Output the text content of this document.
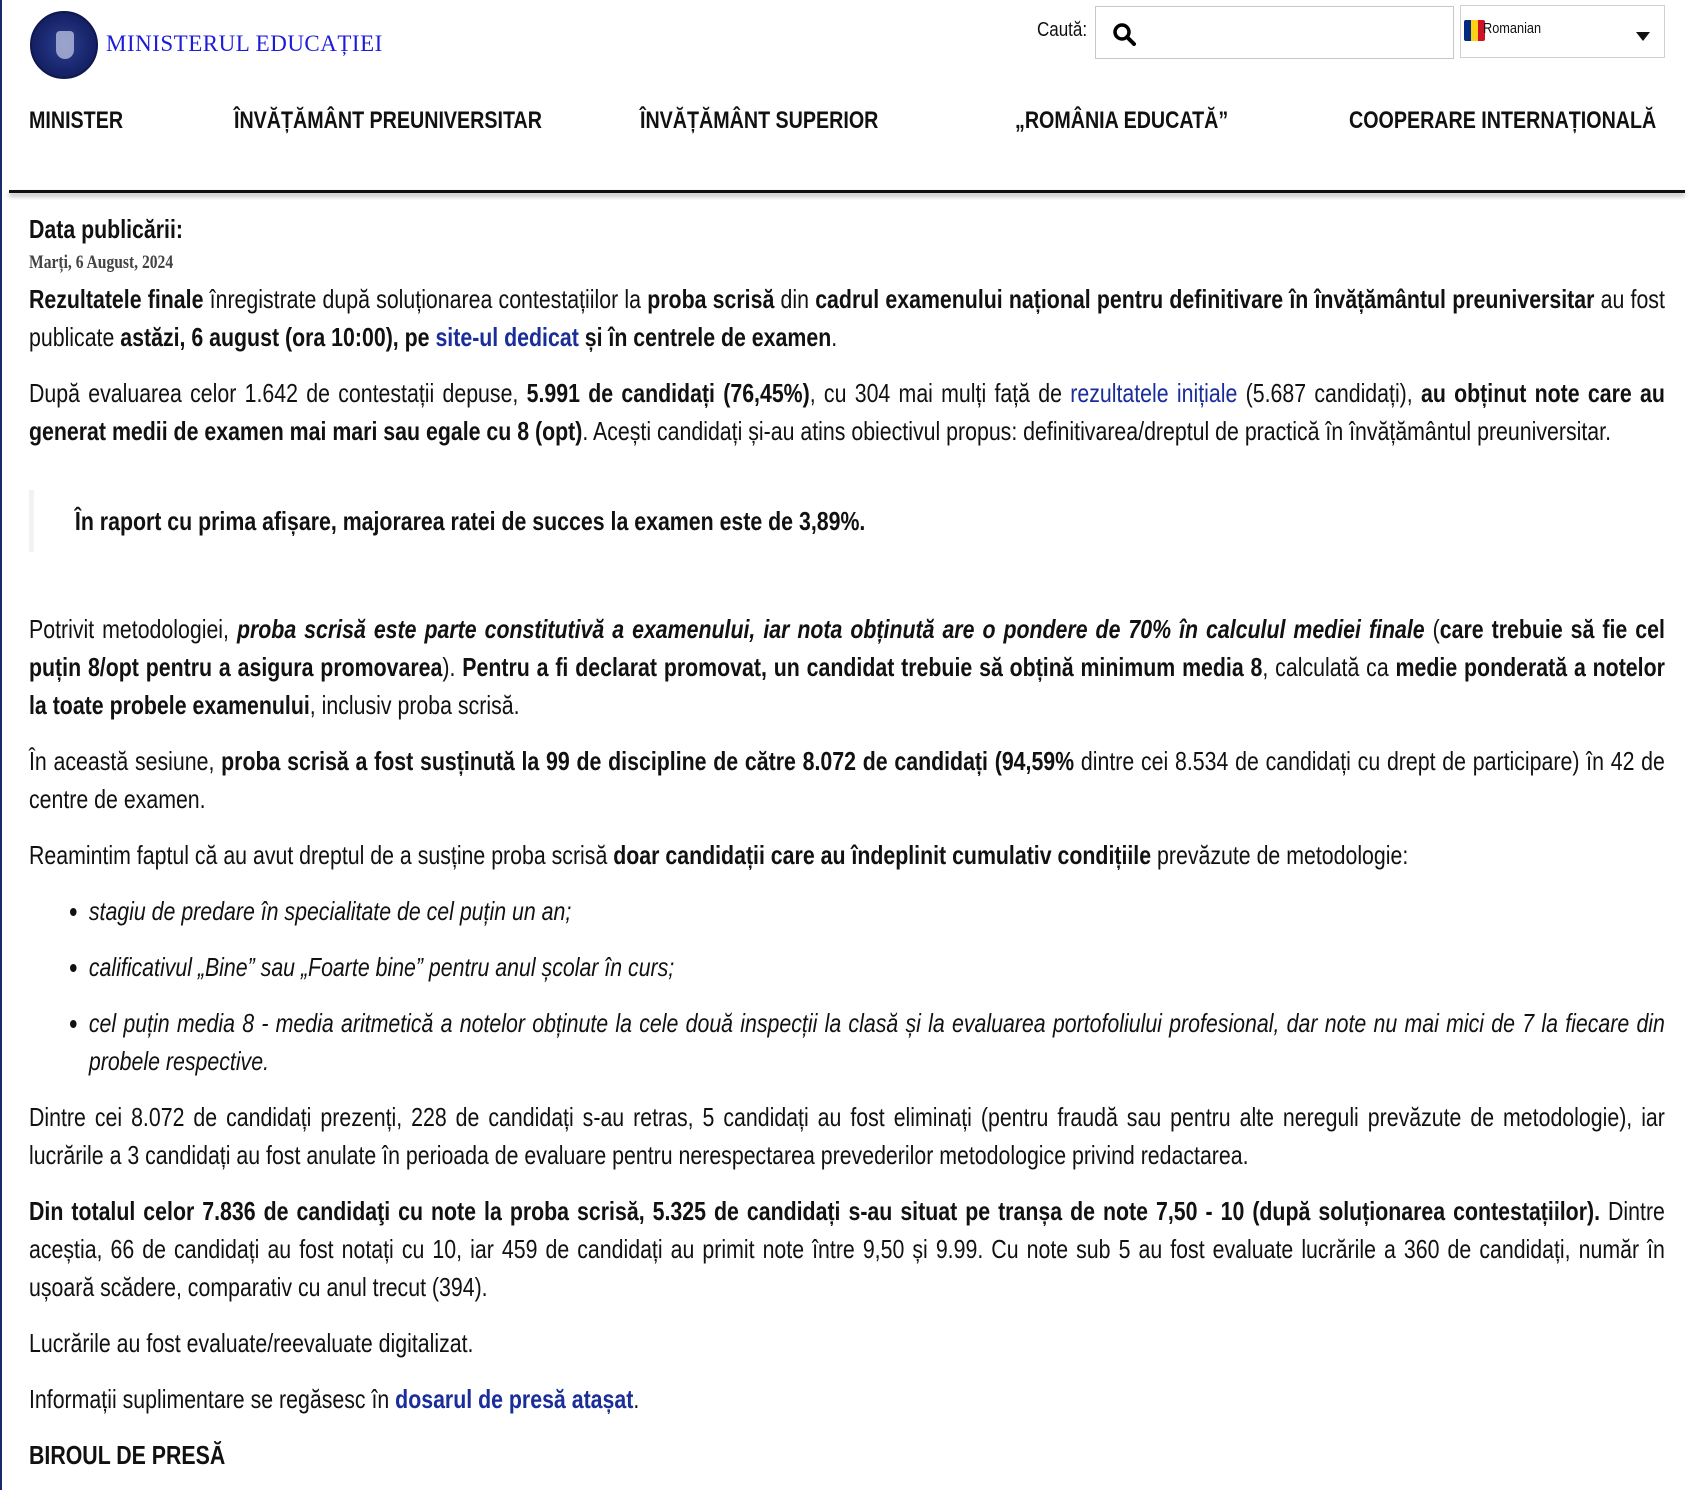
MINISTERUL EDUCAȚIEI
Caută:	Romanian
MINISTER	ÎNVĂȚĂMÂNT PREUNIVERSITAR	ÎNVĂȚĂMÂNT SUPERIOR	„ROMÂNIA EDUCATĂ”	COOPERARE INTERNAȚIONALĂ

Data publicării:

Marți, 6 August, 2024

Rezultatele finale înregistrate după soluționarea contestațiilor la proba scrisă din cadrul examenului național pentru definitivare în învățământul preuniversitar au fost publicate astăzi, 6 august (ora 10:00), pe site-ul dedicat și în centrele de examen.

După evaluarea celor 1.642 de contestații depuse, 5.991 de candidați (76,45%), cu 304 mai mulți față de rezultatele inițiale (5.687 candidați), au obținut note care au generat medii de examen mai mari sau egale cu 8 (opt). Acești candidați și-au atins obiectivul propus: definitivarea/dreptul de practică în învățământul preuniversitar.

În raport cu prima afișare, majorarea ratei de succes la examen este de 3,89%.

Potrivit metodologiei, proba scrisă este parte constitutivă a examenului, iar nota obținută are o pondere de 70% în calculul mediei finale (care trebuie să fie cel puțin 8/opt pentru a asigura promovarea). Pentru a fi declarat promovat, un candidat trebuie să obțină minimum media 8, calculată ca medie ponderată a notelor la toate probele examenului, inclusiv proba scrisă.

În această sesiune, proba scrisă a fost susținută la 99 de discipline de către 8.072 de candidați (94,59% dintre cei 8.534 de candidați cu drept de participare) în 42 de centre de examen.

Reamintim faptul că au avut dreptul de a susține proba scrisă doar candidații care au îndeplinit cumulativ condițiile prevăzute de metodologie:

• stagiu de predare în specialitate de cel puțin un an;
• calificativul „Bine” sau „Foarte bine” pentru anul școlar în curs;
• cel puțin media 8 - media aritmetică a notelor obținute la cele două inspecții la clasă și la evaluarea portofoliului profesional, dar note nu mai mici de 7 la fiecare din probele respective.

Dintre cei 8.072 de candidați prezenți, 228 de candidați s-au retras, 5 candidați au fost eliminați (pentru fraudă sau pentru alte nereguli prevăzute de metodologie), iar lucrările a 3 candidați au fost anulate în perioada de evaluare pentru nerespectarea prevederilor metodologice privind redactarea.

Din totalul celor 7.836 de candidaţi cu note la proba scrisă, 5.325 de candidați s-au situat pe tranșa de note 7,50 - 10 (după soluționarea contestațiilor). Dintre aceștia, 66 de candidați au fost notați cu 10, iar 459 de candidați au primit note între 9,50 și 9.99. Cu note sub 5 au fost evaluate lucrările a 360 de candidați, număr în ușoară scădere, comparativ cu anul trecut (394).

Lucrările au fost evaluate/reevaluate digitalizat.

Informații suplimentare se regăsesc în dosarul de presă atașat.

BIROUL DE PRESĂ
